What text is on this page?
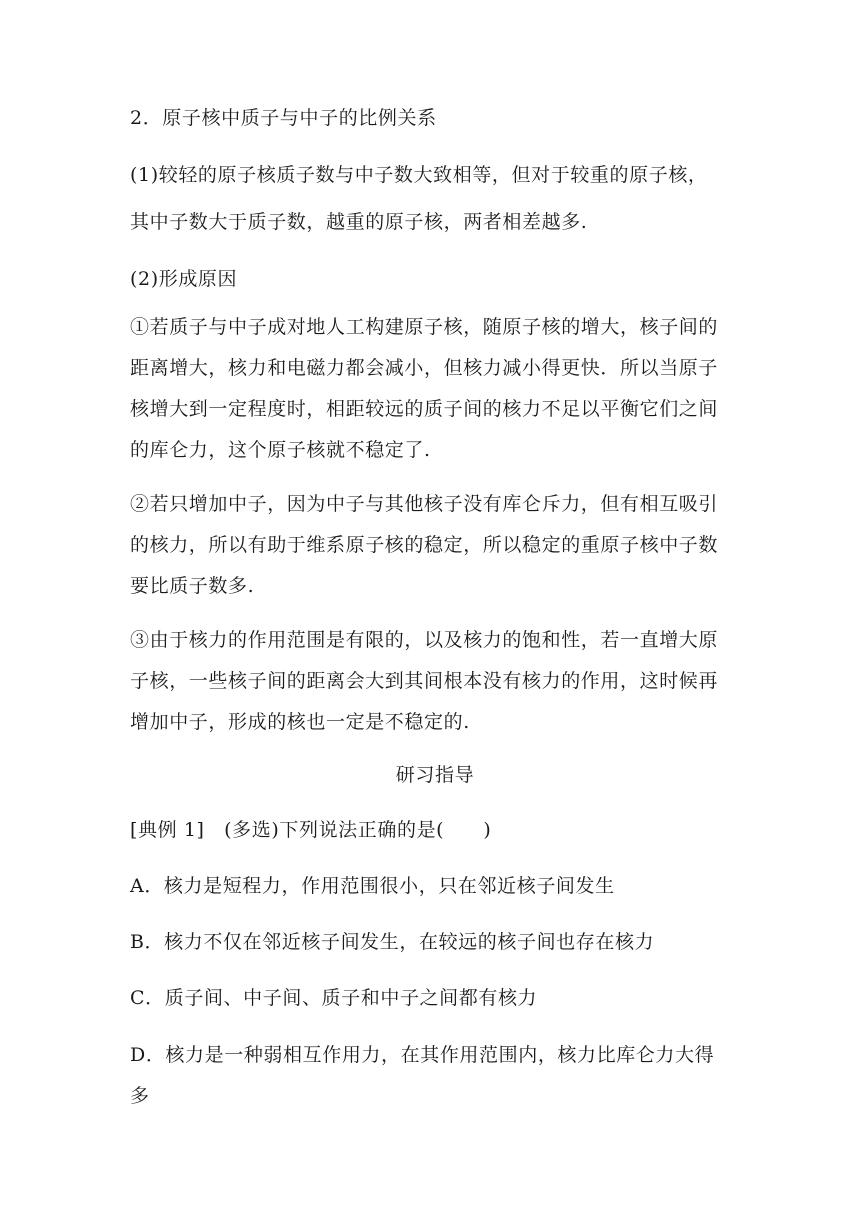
2．原子核中质子与中子的比例关系
(1)较轻的原子核质子数与中子数大致相等，但对于较重的原子核，
其中子数大于质子数，越重的原子核，两者相差越多.
(2)形成原因
①若质子与中子成对地人工构建原子核，随原子核的增大，核子间的
距离增大，核力和电磁力都会减小，但核力减小得更快．所以当原子
核增大到一定程度时，相距较远的质子间的核力不足以平衡它们之间
的库仑力，这个原子核就不稳定了.
②若只增加中子，因为中子与其他核子没有库仑斥力，但有相互吸引
的核力，所以有助于维系原子核的稳定，所以稳定的重原子核中子数
要比质子数多.
③由于核力的作用范围是有限的，以及核力的饱和性，若一直增大原
子核，一些核子间的距离会大到其间根本没有核力的作用，这时候再
增加中子，形成的核也一定是不稳定的.
研习指导
[典例 1]　(多选)下列说法正确的是(　　)
A．核力是短程力，作用范围很小，只在邻近核子间发生
B．核力不仅在邻近核子间发生，在较远的核子间也存在核力
C．质子间、中子间、质子和中子之间都有核力
D．核力是一种弱相互作用力，在其作用范围内，核力比库仑力大得
多
